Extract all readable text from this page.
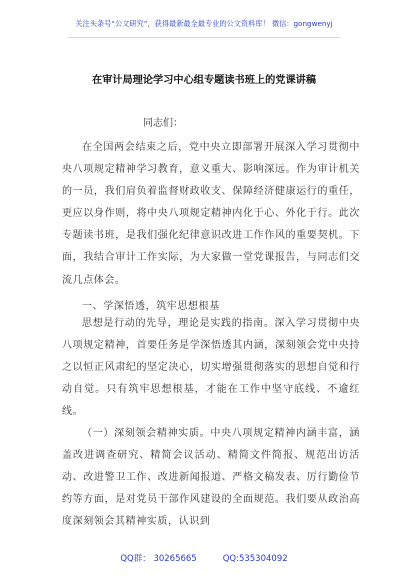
关注头条号“公文研究”，获得最新最全最专业的公文资料库！ 微信：gongwenyj
在审计局理论学习中心组专题读书班上的党课讲稿
同志们：

在全国两会结束之后，党中央立即部署开展深入学习贯彻中央八项规定精神学习教育，意义重大、影响深远。作为审计机关的一员，我们肩负着监督财政收支、保障经济健康运行的重任，更应以身作则，将中央八项规定精神内化于心、外化于行。此次专题读书班，是我们强化纪律意识改进工作作风的重要契机。下面，我结合审计工作实际，为大家做一堂党课报告，与同志们交流几点体会。

一、学深悟透，筑牢思想根基

思想是行动的先导，理论是实践的指南。深入学习贯彻中央八项规定精神，首要任务是学深悟透其内涵，深刻领会党中央持之以恒正风肃纪的坚定决心，切实增强贯彻落实的思想自觉和行动自觉。只有筑牢思想根基，才能在工作中坚守底线、不逾红线。

（一）深刻领会精神实质。中央八项规定精神内涵丰富，涵盖改进调查研究、精简会议活动、精简文件简报、规范出访活动、改进警卫工作、改进新闻报道、严格文稿发表、厉行勤俭节约等方面，是对党员干部作风建设的全面规范。我们要从政治高度深刻领会其精神实质，认识到

QQ群： 30265665	QQ:535304092
